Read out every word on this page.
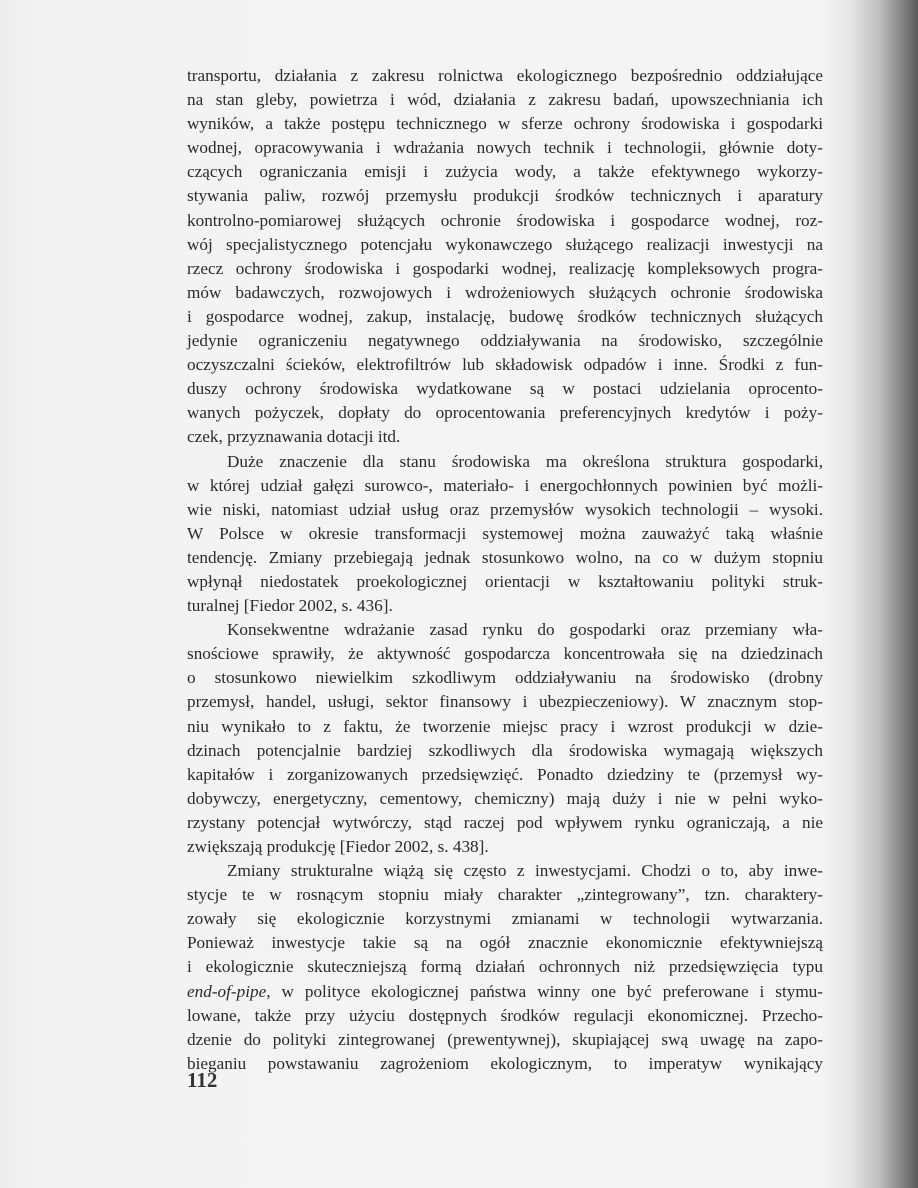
transportu, działania z zakresu rolnictwa ekologicznego bezpośrednio oddziałujące
na stan gleby, powietrza i wód, działania z zakresu badań, upowszechniania ich
wyników, a także postępu technicznego w sferze ochrony środowiska i gospodarki
wodnej, opracowywania i wdrażania nowych technik i technologii, głównie doty-
czących ograniczania emisji i zużycia wody, a także efektywnego wykorzy-
stywania paliw, rozwój przemysłu produkcji środków technicznych i aparatury
kontrolno-pomiarowej służących ochronie środowiska i gospodarce wodnej, roz-
wój specjalistycznego potencjału wykonawczego służącego realizacji inwestycji na
rzecz ochrony środowiska i gospodarki wodnej, realizację kompleksowych progra-
mów badawczych, rozwojowych i wdrożeniowych służących ochronie środowiska
i gospodarce wodnej, zakup, instalację, budowę środków technicznych służących
jedynie ograniczeniu negatywnego oddziaływania na środowisko, szczególnie
oczyszczalni ścieków, elektrofiltrów lub składowisk odpadów i inne. Środki z fun-
duszy ochrony środowiska wydatkowane są w postaci udzielania oprocento-
wanych pożyczek, dopłaty do oprocentowania preferencyjnych kredytów i poży-
czek, przyznawania dotacji itd.
Duże znaczenie dla stanu środowiska ma określona struktura gospodarki,
w której udział gałęzi surowco-, materiało- i energochłonnych powinien być możli-
wie niski, natomiast udział usług oraz przemysłów wysokich technologii – wysoki.
W Polsce w okresie transformacji systemowej można zauważyć taką właśnie
tendencję. Zmiany przebiegają jednak stosunkowo wolno, na co w dużym stopniu
wpłynął niedostatek proekologicznej orientacji w kształtowaniu polityki struk-
turalnej [Fiedor 2002, s. 436].
Konsekwentne wdrażanie zasad rynku do gospodarki oraz przemiany wła-
snościowe sprawiły, że aktywność gospodarcza koncentrowała się na dziedzinach
o stosunkowo niewielkim szkodliwym oddziaływaniu na środowisko (drobny
przemysł, handel, usługi, sektor finansowy i ubezpieczeniowy). W znacznym stop-
niu wynikało to z faktu, że tworzenie miejsc pracy i wzrost produkcji w dzie-
dzinach potencjalnie bardziej szkodliwych dla środowiska wymagają większych
kapitałów i zorganizowanych przedsięwzięć. Ponadto dziedziny te (przemysł wy-
dobywczy, energetyczny, cementowy, chemiczny) mają duży i nie w pełni wyko-
rzystany potencjał wytwórczy, stąd raczej pod wpływem rynku ograniczają, a nie
zwiększają produkcję [Fiedor 2002, s. 438].
Zmiany strukturalne wiążą się często z inwestycjami. Chodzi o to, aby inwe-
stycje te w rosnącym stopniu miały charakter „zintegrowany”, tzn. charaktery-
zowały się ekologicznie korzystnymi zmianami w technologii wytwarzania.
Ponieważ inwestycje takie są na ogół znacznie ekonomicznie efektywniejszą
i ekologicznie skuteczniejszą formą działań ochronnych niż przedsięwzięcia typu
end-of-pipe, w polityce ekologicznej państwa winny one być preferowane i stymu-
lowane, także przy użyciu dostępnych środków regulacji ekonomicznej. Przecho-
dzenie do polityki zintegrowanej (prewentywnej), skupiającej swą uwagę na zapo-
bieganiu powstawaniu zagrożeniom ekologicznym, to imperatyw wynikający
112
